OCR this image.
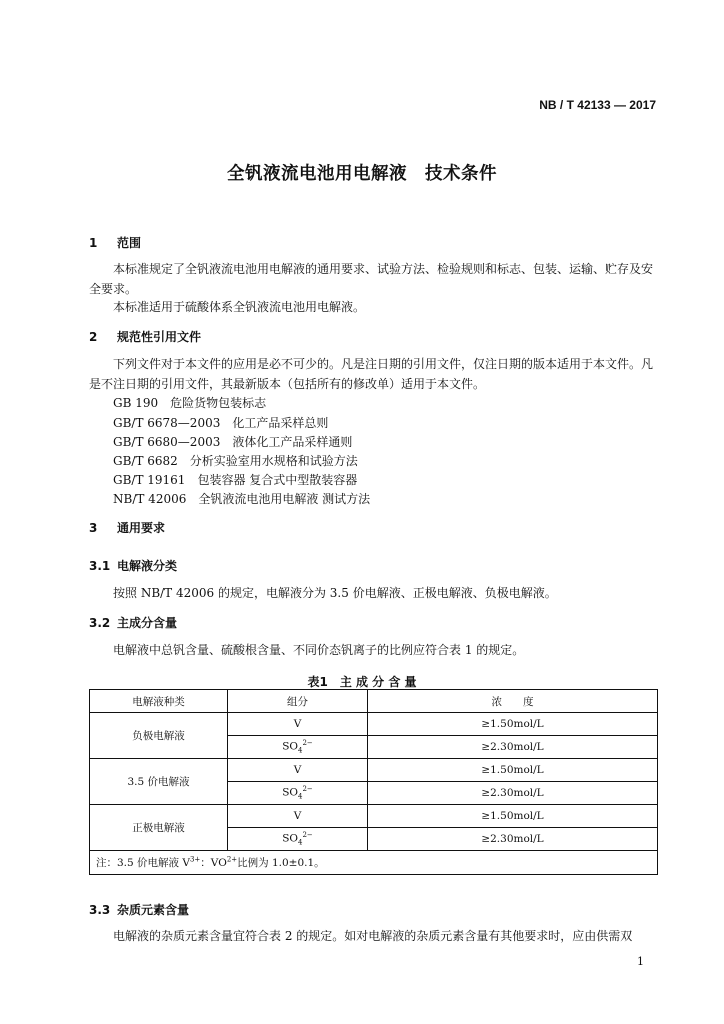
NB / T 42133 — 2017
全钒液流电池用电解液　技术条件
1 范围
本标准规定了全钒液流电池用电解液的通用要求、试验方法、检验规则和标志、包装、运输、贮存及安全要求。
本标准适用于硫酸体系全钒液流电池用电解液。
2 规范性引用文件
下列文件对于本文件的应用是必不可少的。凡是注日期的引用文件，仅注日期的版本适用于本文件。凡是不注日期的引用文件，其最新版本（包括所有的修改单）适用于本文件。
GB 190　危险货物包装标志
GB/T 6678—2003　化工产品采样总则
GB/T 6680—2003　液体化工产品采样通则
GB/T 6682　分析实验室用水规格和试验方法
GB/T 19161　包装容器 复合式中型散装容器
NB/T 42006　全钒液流电池用电解液 测试方法
3 通用要求
3.1 电解液分类
按照 NB/T 42006 的规定，电解液分为 3.5 价电解液、正极电解液、负极电解液。
3.2 主成分含量
电解液中总钒含量、硫酸根含量、不同价态钒离子的比例应符合表 1 的规定。
表1　主 成 分 含 量
电解液种类	组分	浓　　度
负极电解液	V	≥1.50mol/L
	$SO_4^{2-}$	≥2.30mol/L
3.5 价电解液	V	≥1.50mol/L
	$SO_4^{2-}$	≥2.30mol/L
正极电解液	V	≥1.50mol/L
	$SO_4^{2-}$	≥2.30mol/L
注：3.5 价电解液 $V^{3+}$：$VO^{2+}$比例为 1.0±0.1。		
3.3 杂质元素含量
电解液的杂质元素含量宜符合表 2 的规定。如对电解液的杂质元素含量有其他要求时，应由供需双
1
